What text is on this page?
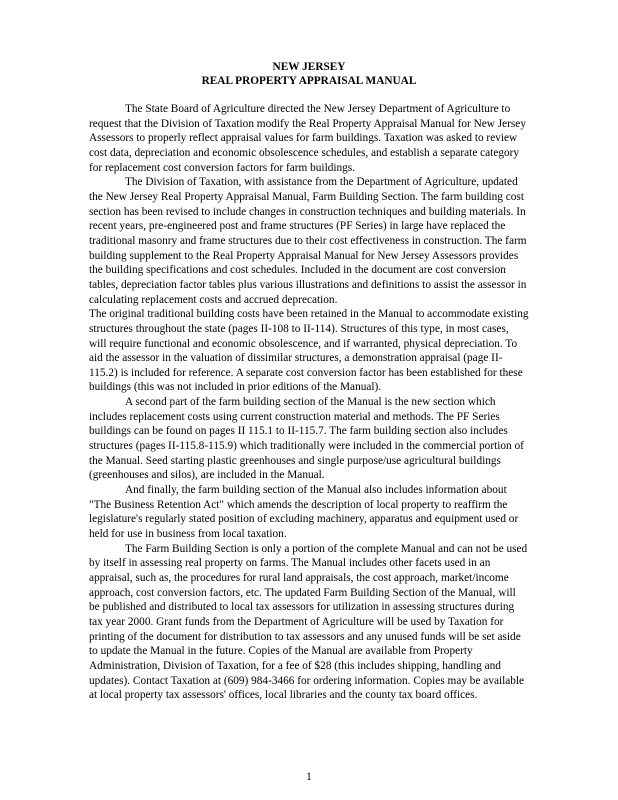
NEW JERSEY
REAL PROPERTY APPRAISAL MANUAL

The State Board of Agriculture directed the New Jersey Department of Agriculture to request that the Division of Taxation modify the Real Property Appraisal Manual for New Jersey Assessors to properly reflect appraisal values for farm buildings. Taxation was asked to review cost data, depreciation and economic obsolescence schedules, and establish a separate category for replacement cost conversion factors for farm buildings.

The Division of Taxation, with assistance from the Department of Agriculture, updated the New Jersey Real Property Appraisal Manual, Farm Building Section. The farm building cost section has been revised to include changes in construction techniques and building materials. In recent years, pre-engineered post and frame structures (PF Series) in large have replaced the traditional masonry and frame structures due to their cost effectiveness in construction. The farm building supplement to the Real Property Appraisal Manual for New Jersey Assessors provides the building specifications and cost schedules. Included in the document are cost conversion tables, depreciation factor tables plus various illustrations and definitions to assist the assessor in calculating replacement costs and accrued deprecation.

The original traditional building costs have been retained in the Manual to accommodate existing structures throughout the state (pages II-108 to II-114). Structures of this type, in most cases, will require functional and economic obsolescence, and if warranted, physical depreciation. To aid the assessor in the valuation of dissimilar structures, a demonstration appraisal (page II-115.2) is included for reference. A separate cost conversion factor has been established for these buildings (this was not included in prior editions of the Manual).

A second part of the farm building section of the Manual is the new section which includes replacement costs using current construction material and methods. The PF Series buildings can be found on pages II 115.1 to II-115.7. The farm building section also includes structures (pages II-115.8-115.9) which traditionally were included in the commercial portion of the Manual. Seed starting plastic greenhouses and single purpose/use agricultural buildings (greenhouses and silos), are included in the Manual.

And finally, the farm building section of the Manual also includes information about "The Business Retention Act" which amends the description of local property to reaffirm the legislature's regularly stated position of excluding machinery, apparatus and equipment used or held for use in business from local taxation.

The Farm Building Section is only a portion of the complete Manual and can not be used by itself in assessing real property on farms. The Manual includes other facets used in an appraisal, such as, the procedures for rural land appraisals, the cost approach, market/income approach, cost conversion factors, etc. The updated Farm Building Section of the Manual, will be published and distributed to local tax assessors for utilization in assessing structures during tax year 2000. Grant funds from the Department of Agriculture will be used by Taxation for printing of the document for distribution to tax assessors and any unused funds will be set aside to update the Manual in the future. Copies of the Manual are available from Property Administration, Division of Taxation, for a fee of $28 (this includes shipping, handling and updates). Contact Taxation at (609) 984-3466 for ordering information. Copies may be available at local property tax assessors' offices, local libraries and the county tax board offices.

1
